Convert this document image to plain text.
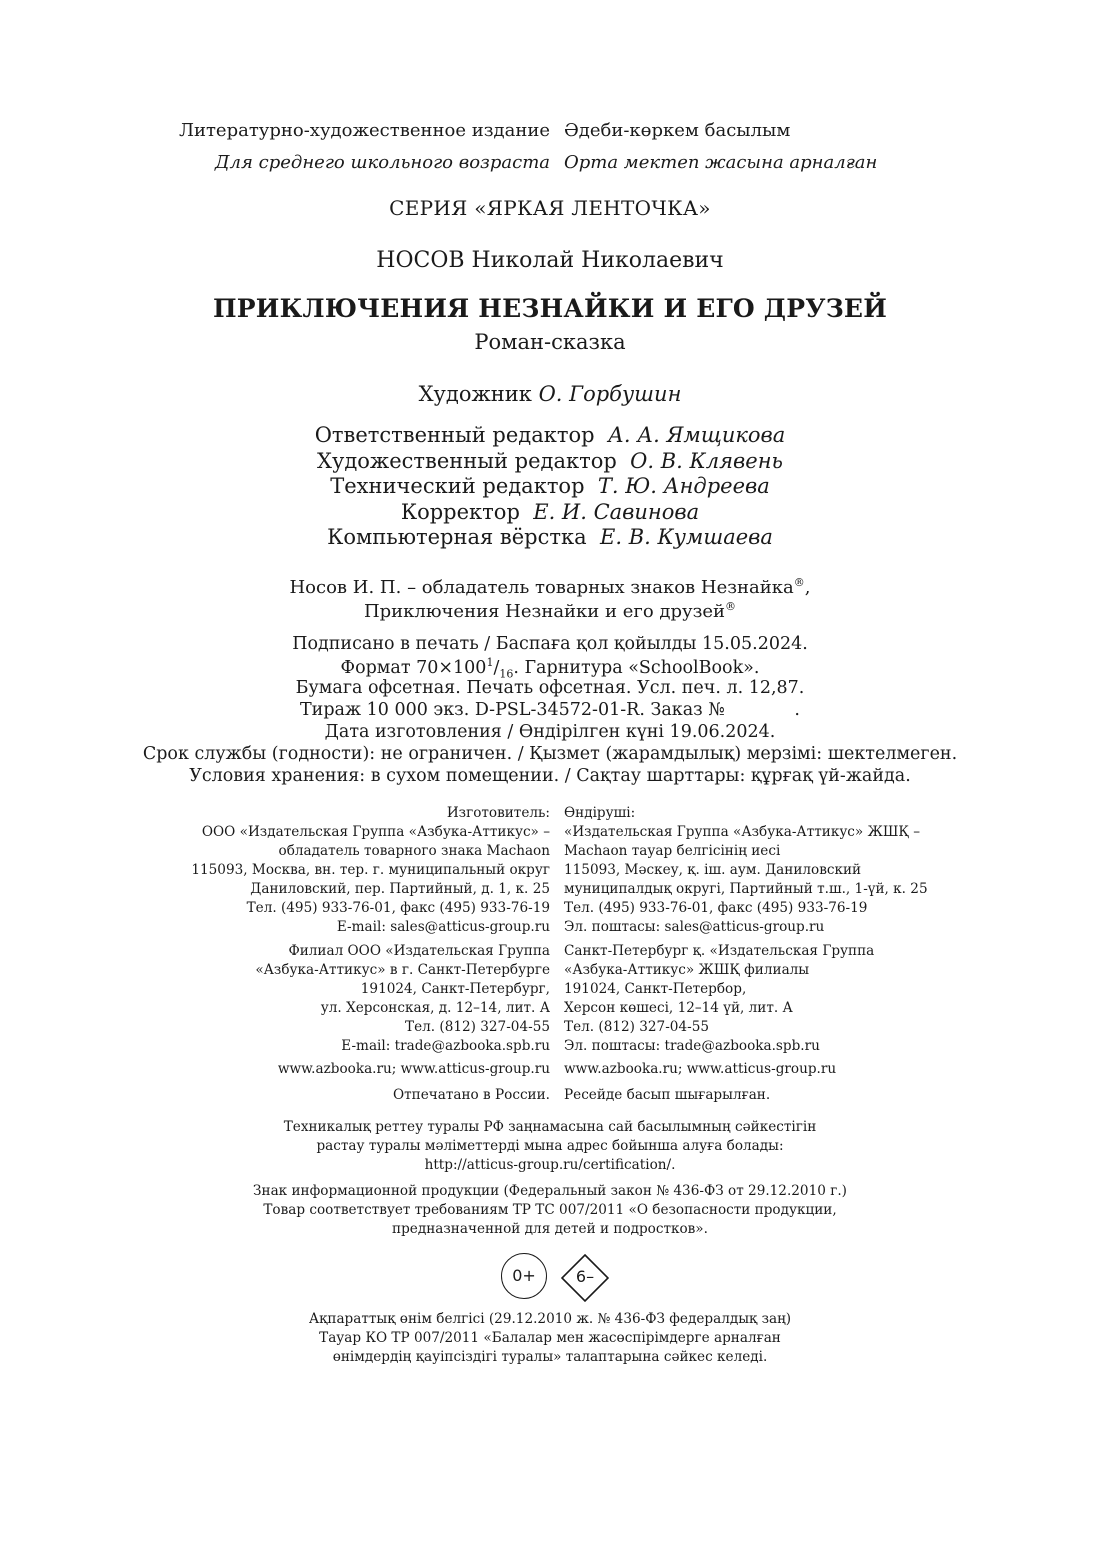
Литературно-художественное издание Әдеби-көркем басылым
Для среднего школьного возраста Орта мектеп жасына арналған
СЕРИЯ «ЯРКАЯ ЛЕНТОЧКА»
НОСОВ Николай Николаевич
ПРИКЛЮЧЕНИЯ НЕЗНАЙКИ И ЕГО ДРУЗЕЙ
Роман-сказка
Художник О. Горбушин
Ответственный редактор А. А. Ямщикова
Художественный редактор О. В. Клявень
Технический редактор Т. Ю. Андреева
Корректор Е. И. Савинова
Компьютерная вёрстка Е. В. Кумшаева
Носов И. П. – обладатель товарных знаков Незнайка®,
Приключения Незнайки и его друзей®
Подписано в печать / Баспаға қол қойылды 15.05.2024.
Формат $70\times 100^1/_{16}$. Гарнитура «SchoolBook».
Бумага офсетная. Печать офсетная. Усл. печ. л. 12,87.
Тираж 10 000 экз. D-PSL-34572-01-R. Заказ №	.
Дата изготовления / Өндірілген күні 19.06.2024.
Срок службы (годности): не ограничен. / Қызмет (жарамдылық) мерзімі: шектелмеген.
Условия хранения: в сухом помещении. / Сақтау шарттары: құрғақ үй-жайда.
Изготовитель:
ООО «Издательская Группа «Азбука-Аттикус» –
обладатель товарного знака Machaon
115093, Москва, вн. тер. г. муниципальный округ
Даниловский, пер. Партийный, д. 1, к. 25
Тел. (495) 933-76-01, факс (495) 933-76-19
E-mail: sales@atticus-group.ru
Өндіруші:
«Издательская Группа «Азбука-Аттикус» ЖШҚ –
Machaon тауар белгісінің иесі
115093, Мәскеу, қ. іш. аум. Даниловский
муниципалдық округі, Партийный т.ш., 1-үй, к. 25
Тел. (495) 933-76-01, факс (495) 933-76-19
Эл. поштасы: sales@atticus-group.ru
Филиал ООО «Издательская Группа
«Азбука-Аттикус» в г. Санкт-Петербурге
191024, Санкт-Петербург,
ул. Херсонская, д. 12–14, лит. А
Тел. (812) 327-04-55
E-mail: trade@azbooka.spb.ru
Санкт-Петербург қ. «Издательская Группа
«Азбука-Аттикус» ЖШҚ филиалы
191024, Санкт-Петербор,
Херсон көшесі, 12–14 үй, лит. А
Тел. (812) 327-04-55
Эл. поштасы: trade@azbooka.spb.ru
www.azbooka.ru; www.atticus-group.ru www.azbooka.ru; www.atticus-group.ru
Отпечатано в России. Ресейде басып шығарылған.
Техникалық реттеу туралы РФ заңнамасына сай басылымның сәйкестігін
растау туралы мәліметтерді мына адрес бойынша алуға болады:
http://atticus-group.ru/certification/.
Знак информационной продукции (Федеральный закон № 436-ФЗ от 29.12.2010 г.)
Товар соответствует требованиям ТР ТС 007/2011 «О безопасности продукции,
предназначенной для детей и подростков».
0+	6–
Ақпараттық өнім белгісі (29.12.2010 ж. № 436-ФЗ федералдық заң)
Тауар КО ТР 007/2011 «Балалар мен жасөспірімдерге арналған
өнімдердің қауіпсіздігі туралы» талаптарына сәйкес келеді.
